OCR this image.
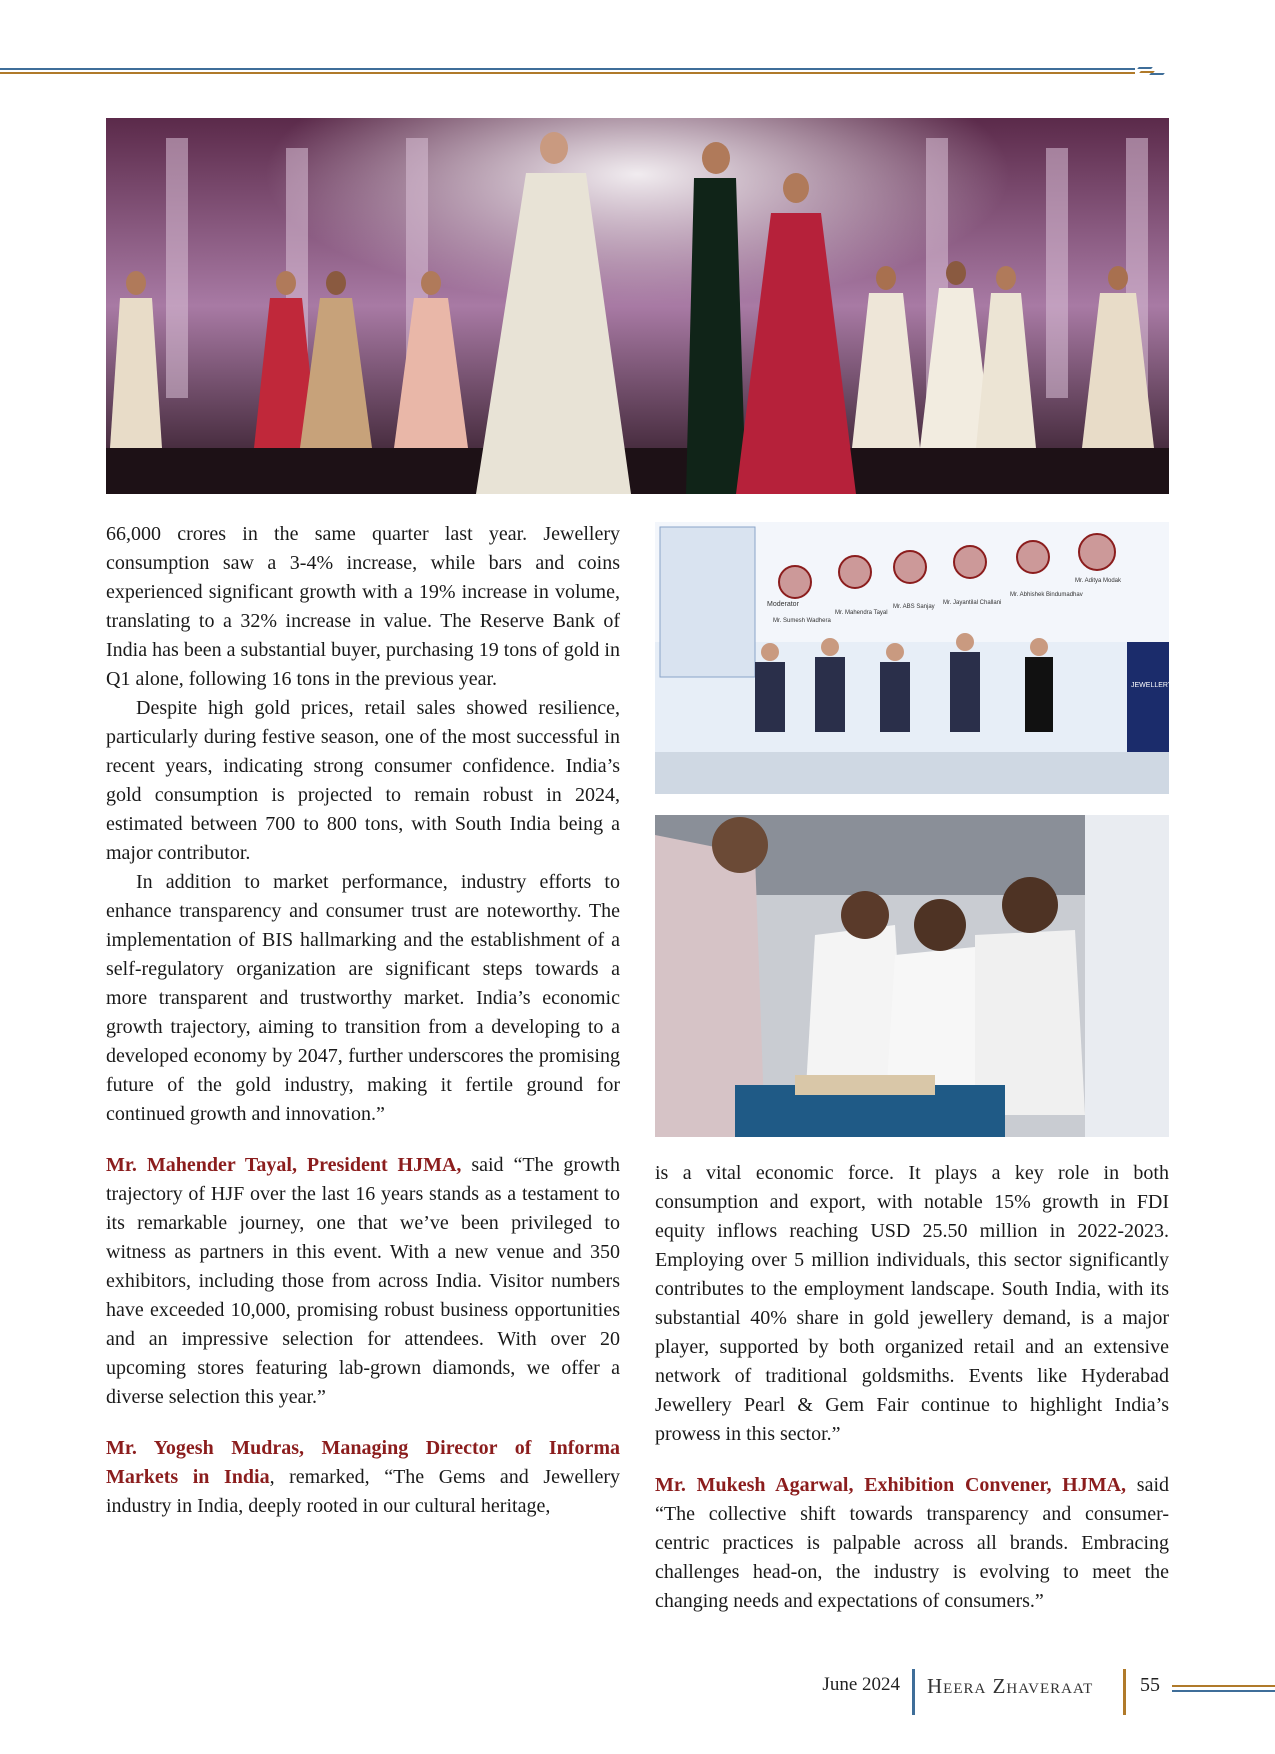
Moderator
Mr. Sumesh Wadhera
Mr. Mahendra Tayal
Mr. ABS Sanjay
Mr. Jayantilal Challani
Mr. Abhishek Bindumadhav
Mr. Aditya Modak
JEWELLERY & GEM

66,000 crores in the same quarter last year. Jewellery consumption saw a 3-4% increase, while bars and coins experienced significant growth with a 19% increase in volume, translating to a 32% increase in value. The Reserve Bank of India has been a substantial buyer, purchasing 19 tons of gold in Q1 alone, following 16 tons in the previous year.

Despite high gold prices, retail sales showed resilience, particularly during festive season, one of the most successful in recent years, indicating strong consumer confidence. India’s gold consumption is projected to remain robust in 2024, estimated between 700 to 800 tons, with South India being a major contributor.

In addition to market performance, industry efforts to enhance transparency and consumer trust are noteworthy. The implementation of BIS hallmarking and the establishment of a self-regulatory organization are significant steps towards a more transparent and trustworthy market. India’s economic growth trajectory, aiming to transition from a developing to a developed economy by 2047, further underscores the promising future of the gold industry, making it fertile ground for continued growth and innovation.”

Mr. Mahender Tayal, President HJMA, said “The growth trajectory of HJF over the last 16 years stands as a testament to its remarkable journey, one that we’ve been privileged to witness as partners in this event. With a new venue and 350 exhibitors, including those from across India. Visitor numbers have exceeded 10,000, promising robust business opportunities and an impressive selection for attendees. With over 20 upcoming stores featuring lab-grown diamonds, we offer a diverse selection this year.”

Mr. Yogesh Mudras, Managing Director of Informa Markets in India, remarked, “The Gems and Jewellery industry in India, deeply rooted in our cultural heritage,

is a vital economic force. It plays a key role in both consumption and export, with notable 15% growth in FDI equity inflows reaching USD 25.50 million in 2022-2023. Employing over 5 million individuals, this sector significantly contributes to the employment landscape. South India, with its substantial 40% share in gold jewellery demand, is a major player, supported by both organized retail and an extensive network of traditional goldsmiths. Events like Hyderabad Jewellery Pearl & Gem Fair continue to highlight India’s prowess in this sector.”

Mr. Mukesh Agarwal, Exhibition Convener, HJMA, said “The collective shift towards transparency and consumer-centric practices is palpable across all brands. Embracing challenges head-on, the industry is evolving to meet the changing needs and expectations of consumers.”

June 2024 Heera Zhaveraat 55
